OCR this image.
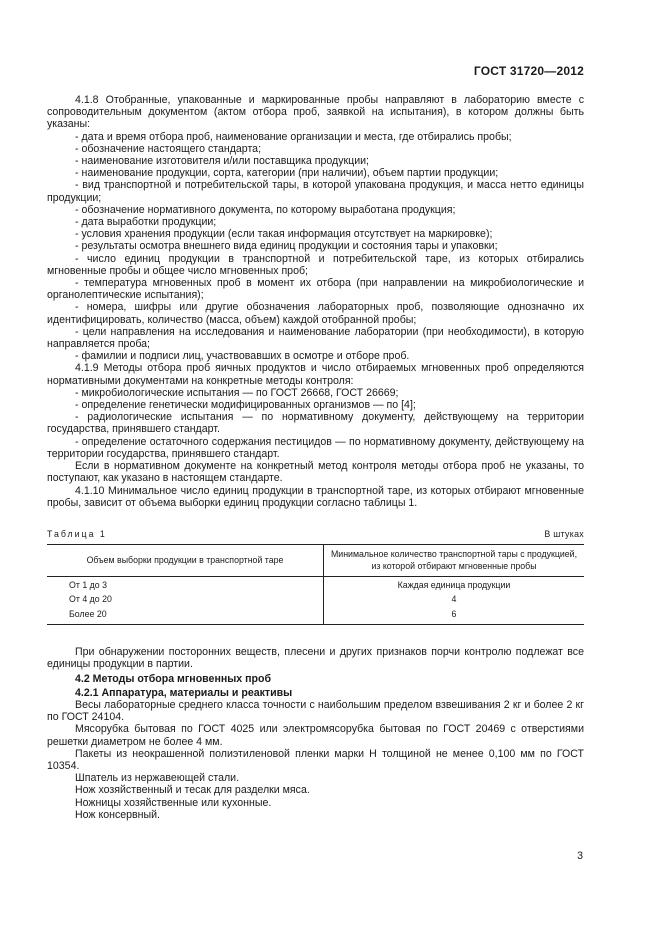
ГОСТ 31720—2012

4.1.8 Отобранные, упакованные и маркированные пробы направляют в лабораторию вместе с сопроводительным документом (актом отбора проб, заявкой на испытания), в котором должны быть указаны:

- дата и время отбора проб, наименование организации и места, где отбирались пробы;

- обозначение настоящего стандарта;

- наименование изготовителя и/или поставщика продукции;

- наименование продукции, сорта, категории (при наличии), объем партии продукции;

- вид транспортной и потребительской тары, в которой упакована продукция, и масса нетто единицы продукции;

- обозначение нормативного документа, по которому выработана продукция;

- дата выработки продукции;

- условия хранения продукции (если такая информация отсутствует на маркировке);

- результаты осмотра внешнего вида единиц продукции и состояния тары и упаковки;

- число единиц продукции в транспортной и потребительской таре, из которых отбирались мгновенные пробы и общее число мгновенных проб;

- температура мгновенных проб в момент их отбора (при направлении на микробиологические и органолептические испытания);

- номера, шифры или другие обозначения лабораторных проб, позволяющие однозначно их идентифицировать, количество (масса, объем) каждой отобранной пробы;

- цели направления на исследования и наименование лаборатории (при необходимости), в которую направляется проба;

- фамилии и подписи лиц, участвовавших в осмотре и отборе проб.

4.1.9 Методы отбора проб яичных продуктов и число отбираемых мгновенных проб определяются нормативными документами на конкретные методы контроля:

- микробиологические испытания — по ГОСТ 26668, ГОСТ 26669;

- определение генетически модифицированных организмов — по [4];

- радиологические испытания — по нормативному документу, действующему на территории государства, принявшего стандарт.

- определение остаточного содержания пестицидов — по нормативному документу, действующему на территории государства, принявшего стандарт.

Если в нормативном документе на конкретный метод контроля методы отбора проб не указаны, то поступают, как указано в настоящем стандарте.

4.1.10 Минимальное число единиц продукции в транспортной таре, из которых отбирают мгновенные пробы, зависит от объема выборки единиц продукции согласно таблицы 1.

Таблица 1	В штуках

Объем выборки продукции в транспортной таре	Минимальное количество транспортной тары с продукцией, из которой отбирают мгновенные пробы
От 1 до 3	Каждая единица продукции
От 4 до 20	4
Более 20	6

При обнаружении посторонних веществ, плесени и других признаков порчи контролю подлежат все единицы продукции в партии.

4.2 Методы отбора мгновенных проб

4.2.1 Аппаратура, материалы и реактивы

Весы лабораторные среднего класса точности с наибольшим пределом взвешивания 2 кг и более 2 кг по ГОСТ 24104.

Мясорубка бытовая по ГОСТ 4025 или электромясорубка бытовая по ГОСТ 20469 с отверстиями решетки диаметром не более 4 мм.

Пакеты из неокрашенной полиэтиленовой пленки марки Н толщиной не менее 0,100 мм по ГОСТ 10354.

Шпатель из нержавеющей стали.

Нож хозяйственный и тесак для разделки мяса.

Ножницы хозяйственные или кухонные.

Нож консервный.

3
